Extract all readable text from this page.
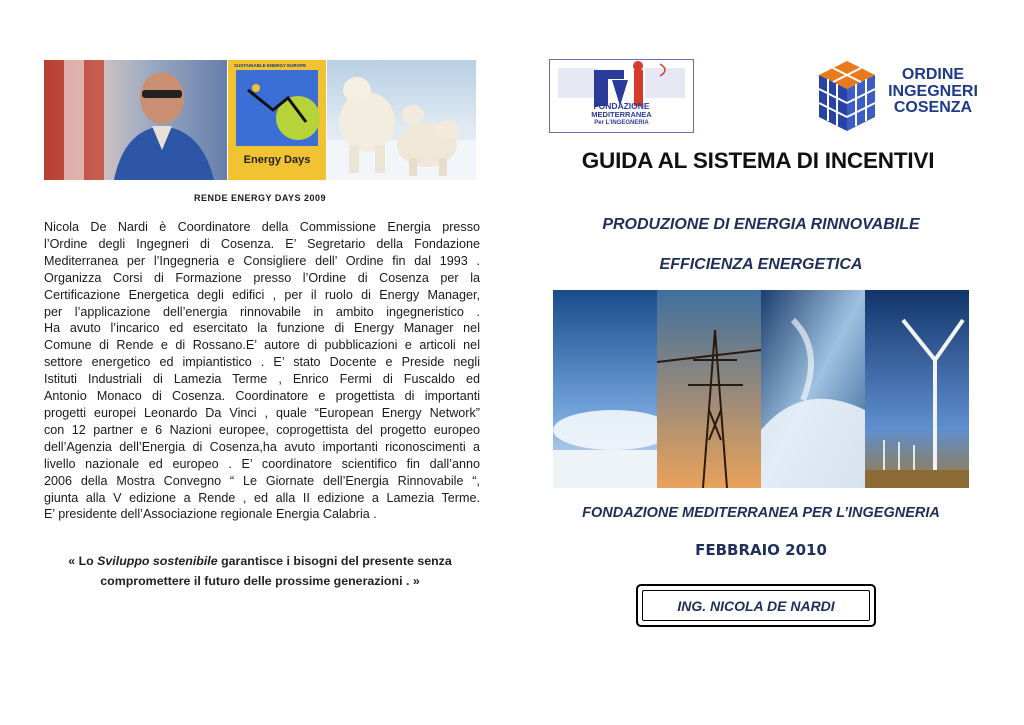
SUSTAINABLE ENERGY EUROPE
Energy Days
RENDE ENERGY DAYS 2009
Nicola De Nardi è Coordinatore della Commissione Energia presso
l’Ordine degli Ingegneri di Cosenza. E’ Segretario della Fondazione
Mediterranea per l’Ingegneria e Consigliere dell’ Ordine fin dal 1993 .
Organizza Corsi di Formazione presso l’Ordine di Cosenza per la
Certificazione Energetica degli edifici , per il ruolo di Energy Manager,
per l’applicazione dell’energia rinnovabile in ambito ingegneristico .
Ha avuto l’incarico ed esercitato la funzione di Energy Manager nel
Comune di Rende e di Rossano.E’ autore di pubblicazioni e articoli nel
settore energetico ed impiantistico . E’ stato Docente e Preside negli
Istituti Industriali di Lamezia Terme , Enrico Fermi di Fuscaldo ed
Antonio Monaco di Cosenza. Coordinatore e progettista di importanti
progetti europei Leonardo Da Vinci , quale “European Energy Network”
con 12 partner e 6 Nazioni europee, coprogettista del progetto europeo
dell’Agenzia dell’Energia di Cosenza,ha avuto importanti riconoscimenti a
livello nazionale ed europeo . E’ coordinatore scientifico fin dall’anno
2006 della Mostra Convegno “ Le Giornate dell’Energia Rinnovabile “,
giunta alla V edizione a Rende , ed alla II edizione a Lamezia Terme.
E’ presidente dell’Associazione regionale Energia Calabria .
« Lo Sviluppo sostenibile garantisce i bisogni del presente senza
compromettere il futuro delle prossime generazioni . »
FONDAZIONE
MEDITERRANEA
Per L'INGEGNERIA
ORDINE
INGEGNERI
COSENZA
GUIDA AL SISTEMA DI INCENTIVI
PRODUZIONE DI ENERGIA RINNOVABILE
EFFICIENZA ENERGETICA
FONDAZIONE MEDITERRANEA PER L’INGEGNERIA
FEBBRAIO 2010
ING. NICOLA DE NARDI
